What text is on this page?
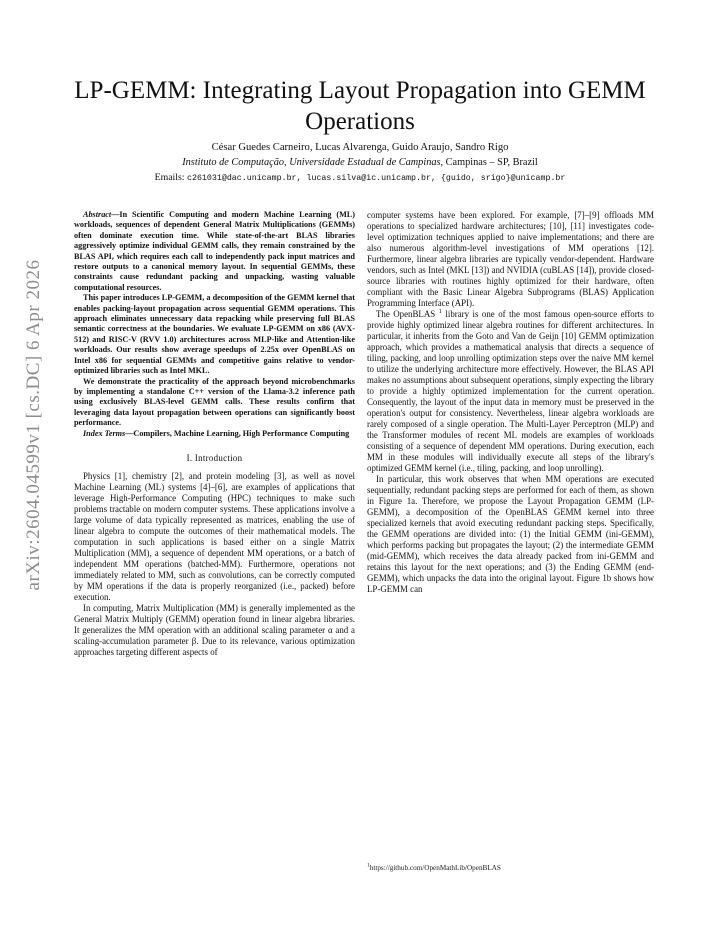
arXiv:2604.04599v1 [cs.DC] 6 Apr 2026
LP-GEMM: Integrating Layout Propagation into GEMM Operations
César Guedes Carneiro, Lucas Alvarenga, Guido Araujo, Sandro Rigo
Instituto de Computação, Universidade Estadual de Campinas, Campinas – SP, Brazil
Emails: c261031@dac.unicamp.br, lucas.silva@ic.unicamp.br, {guido, srigo}@unicamp.br

Abstract—In Scientific Computing and modern Machine Learning (ML) workloads, sequences of dependent General Matrix Multiplications (GEMMs) often dominate execution time. While state-of-the-art BLAS libraries aggressively optimize individual GEMM calls, they remain constrained by the BLAS API, which requires each call to independently pack input matrices and restore outputs to a canonical memory layout. In sequential GEMMs, these constraints cause redundant packing and unpacking, wasting valuable computational resources.

This paper introduces LP-GEMM, a decomposition of the GEMM kernel that enables packing-layout propagation across sequential GEMM operations. This approach eliminates unnecessary data repacking while preserving full BLAS semantic correctness at the boundaries. We evaluate LP-GEMM on x86 (AVX-512) and RISC-V (RVV 1.0) architectures across MLP-like and Attention-like workloads. Our results show average speedups of 2.25x over OpenBLAS on Intel x86 for sequential GEMMs and competitive gains relative to vendor-optimized libraries such as Intel MKL.

We demonstrate the practicality of the approach beyond microbenchmarks by implementing a standalone C++ version of the Llama-3.2 inference path using exclusively BLAS-level GEMM calls. These results confirm that leveraging data layout propagation between operations can significantly boost performance.

Index Terms—Compilers, Machine Learning, High Performance Computing

I. Introduction

Physics [1], chemistry [2], and protein modeling [3], as well as novel Machine Learning (ML) systems [4]–[6], are examples of applications that leverage High-Performance Computing (HPC) techniques to make such problems tractable on modern computer systems. These applications involve a large volume of data typically represented as matrices, enabling the use of linear algebra to compute the outcomes of their mathematical models. The computation in such applications is based either on a single Matrix Multiplication (MM), a sequence of dependent MM operations, or a batch of independent MM operations (batched-MM). Furthermore, operations not immediately related to MM, such as convolutions, can be correctly computed by MM operations if the data is properly reorganized (i.e., packed) before execution.

In computing, Matrix Multiplication (MM) is generally implemented as the General Matrix Multiply (GEMM) operation found in linear algebra libraries. It generalizes the MM operation with an additional scaling parameter α and a scaling-accumulation parameter β. Due to its relevance, various optimization approaches targeting different aspects of

computer systems have been explored. For example, [7]–[9] offloads MM operations to specialized hardware architectures; [10], [11] investigates code-level optimization techniques applied to naive implementations; and there are also numerous algorithm-level investigations of MM operations [12]. Furthermore, linear algebra libraries are typically vendor-dependent. Hardware vendors, such as Intel (MKL [13]) and NVIDIA (cuBLAS [14]), provide closed-source libraries with routines highly optimized for their hardware, often compliant with the Basic Linear Algebra Subprograms (BLAS) Application Programming Interface (API).

The OpenBLAS $^1$ library is one of the most famous open-source efforts to provide highly optimized linear algebra routines for different architectures. In particular, it inherits from the Goto and Van de Geijn [10] GEMM optimization approach, which provides a mathematical analysis that directs a sequence of tiling, packing, and loop unrolling optimization steps over the naive MM kernel to utilize the underlying architecture more effectively. However, the BLAS API makes no assumptions about subsequent operations, simply expecting the library to provide a highly optimized implementation for the current operation. Consequently, the layout of the input data in memory must be preserved in the operation's output for consistency. Nevertheless, linear algebra workloads are rarely composed of a single operation. The Multi-Layer Perceptron (MLP) and the Transformer modules of recent ML models are examples of workloads consisting of a sequence of dependent MM operations. During execution, each MM in these modules will individually execute all steps of the library's optimized GEMM kernel (i.e., tiling, packing, and loop unrolling).

In particular, this work observes that when MM operations are executed sequentially, redundant packing steps are performed for each of them, as shown in Figure 1a. Therefore, we propose the Layout Propagation GEMM (LP-GEMM), a decomposition of the OpenBLAS GEMM kernel into three specialized kernels that avoid executing redundant packing steps. Specifically, the GEMM operations are divided into: (1) the Initial GEMM (ini-GEMM), which performs packing but propagates the layout; (2) the intermediate GEMM (mid-GEMM), which receives the data already packed from ini-GEMM and retains this layout for the next operations; and (3) the Ending GEMM (end-GEMM), which unpacks the data into the original layout. Figure 1b shows how LP-GEMM can

$^1$https://github.com/OpenMathLib/OpenBLAS
